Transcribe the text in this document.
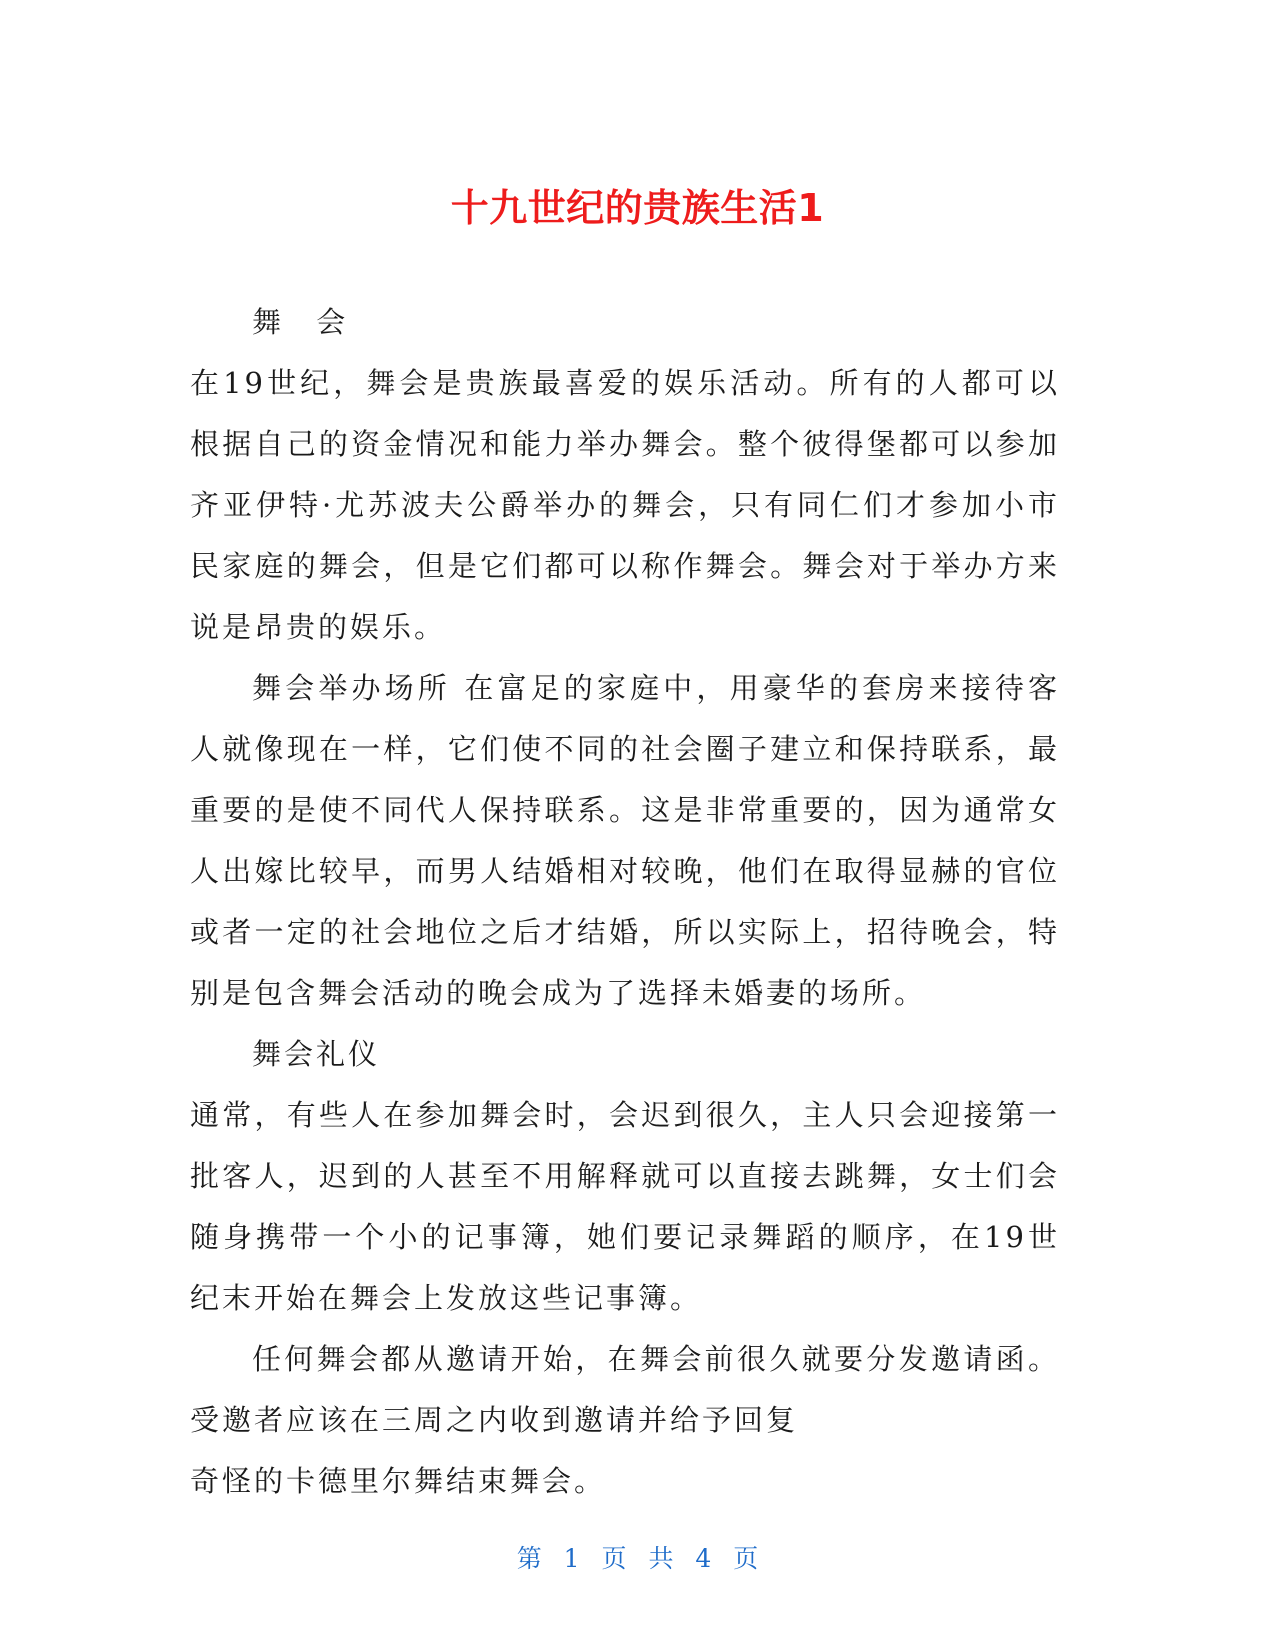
十九世纪的贵族生活1

舞 会

在19世纪，舞会是贵族最喜爱的娱乐活动。所有的人都可以根据自己的资金情况和能力举办舞会。整个彼得堡都可以参加齐亚伊特·尤苏波夫公爵举办的舞会，只有同仁们才参加小市民家庭的舞会，但是它们都可以称作舞会。舞会对于举办方来说是昂贵的娱乐。

舞会举办场所 在富足的家庭中，用豪华的套房来接待客人就像现在一样，它们使不同的社会圈子建立和保持联系，最重要的是使不同代人保持联系。这是非常重要的，因为通常女人出嫁比较早，而男人结婚相对较晚，他们在取得显赫的官位或者一定的社会地位之后才结婚，所以实际上，招待晚会，特别是包含舞会活动的晚会成为了选择未婚妻的场所。

舞会礼仪

通常，有些人在参加舞会时，会迟到很久，主人只会迎接第一批客人，迟到的人甚至不用解释就可以直接去跳舞，女士们会随身携带一个小的记事簿，她们要记录舞蹈的顺序，在19世纪末开始在舞会上发放这些记事簿。

任何舞会都从邀请开始，在舞会前很久就要分发邀请函。受邀者应该在三周之内收到邀请并给予回复

奇怪的卡德里尔舞结束舞会。

第 1 页 共 4 页
